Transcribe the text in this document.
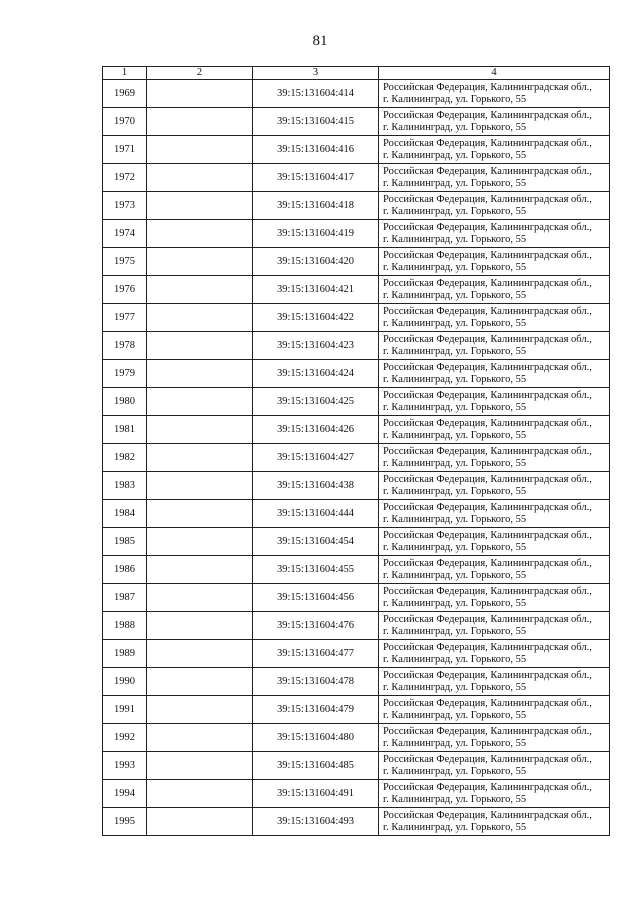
81
1	2	3	4
1969		39:15:131604:414	Российская Федерация, Калининградская обл.,
г. Калининград, ул. Горького, 55

1970		39:15:131604:415	Российская Федерация, Калининградская обл.,
г. Калининград, ул. Горького, 55

1971		39:15:131604:416	Российская Федерация, Калининградская обл.,
г. Калининград, ул. Горького, 55

1972		39:15:131604:417	Российская Федерация, Калининградская обл.,
г. Калининград, ул. Горького, 55

1973		39:15:131604:418	Российская Федерация, Калининградская обл.,
г. Калининград, ул. Горького, 55

1974		39:15:131604:419	Российская Федерация, Калининградская обл.,
г. Калининград, ул. Горького, 55

1975		39:15:131604:420	Российская Федерация, Калининградская обл.,
г. Калининград, ул. Горького, 55

1976		39:15:131604:421	Российская Федерация, Калининградская обл.,
г. Калининград, ул. Горького, 55

1977		39:15:131604:422	Российская Федерация, Калининградская обл.,
г. Калининград, ул. Горького, 55

1978		39:15:131604:423	Российская Федерация, Калининградская обл.,
г. Калининград, ул. Горького, 55

1979		39:15:131604:424	Российская Федерация, Калининградская обл.,
г. Калининград, ул. Горького, 55

1980		39:15:131604:425	Российская Федерация, Калининградская обл.,
г. Калининград, ул. Горького, 55

1981		39:15:131604:426	Российская Федерация, Калининградская обл.,
г. Калининград, ул. Горького, 55

1982		39:15:131604:427	Российская Федерация, Калининградская обл.,
г. Калининград, ул. Горького, 55

1983		39:15:131604:438	Российская Федерация, Калининградская обл.,
г. Калининград, ул. Горького, 55

1984		39:15:131604:444	Российская Федерация, Калининградская обл.,
г. Калининград, ул. Горького, 55

1985		39:15:131604:454	Российская Федерация, Калининградская обл.,
г. Калининград, ул. Горького, 55

1986		39:15:131604:455	Российская Федерация, Калининградская обл.,
г. Калининград, ул. Горького, 55

1987		39:15:131604:456	Российская Федерация, Калининградская обл.,
г. Калининград, ул. Горького, 55

1988		39:15:131604:476	Российская Федерация, Калининградская обл.,
г. Калининград, ул. Горького, 55

1989		39:15:131604:477	Российская Федерация, Калининградская обл.,
г. Калининград, ул. Горького, 55

1990		39:15:131604:478	Российская Федерация, Калининградская обл.,
г. Калининград, ул. Горького, 55

1991		39:15:131604:479	Российская Федерация, Калининградская обл.,
г. Калининград, ул. Горького, 55

1992		39:15:131604:480	Российская Федерация, Калининградская обл.,
г. Калининград, ул. Горького, 55

1993		39:15:131604:485	Российская Федерация, Калининградская обл.,
г. Калининград, ул. Горького, 55

1994		39:15:131604:491	Российская Федерация, Калининградская обл.,
г. Калининград, ул. Горького, 55

1995		39:15:131604:493	Российская Федерация, Калининградская обл.,
г. Калининград, ул. Горького, 55
